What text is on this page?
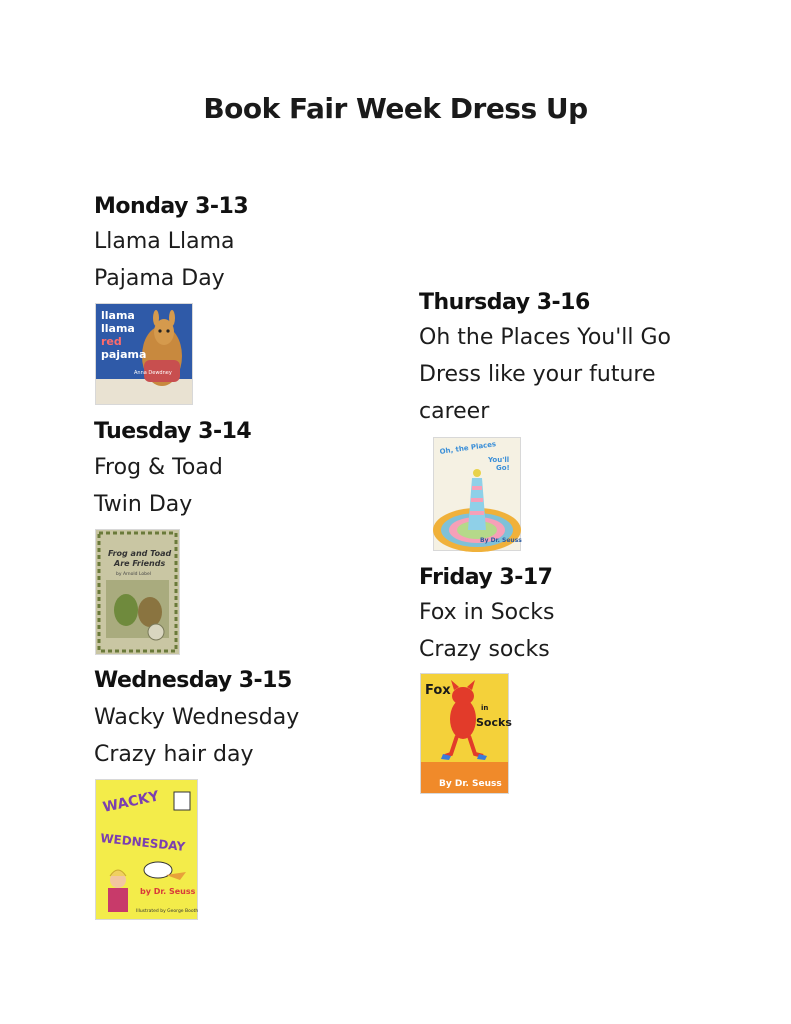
Book Fair Week Dress Up
Monday 3-13
Llama Llama
Pajama Day
llama
llama
red
pajama
Anna Dewdney
Tuesday 3-14
Frog & Toad
Twin Day
Frog and Toad
Are Friends
by Arnold Lobel
Wednesday 3-15
Wacky Wednesday
Crazy hair day
WACKY
WEDNESDAY
by Dr. Seuss
Illustrated by George Booth
Thursday 3-16
Oh the Places You'll Go
Dress like your future
career
Oh, the Places
You'll
Go!
By Dr. Seuss
Friday 3-17
Fox in Socks
Crazy socks
Fox
in
Socks
By Dr. Seuss
